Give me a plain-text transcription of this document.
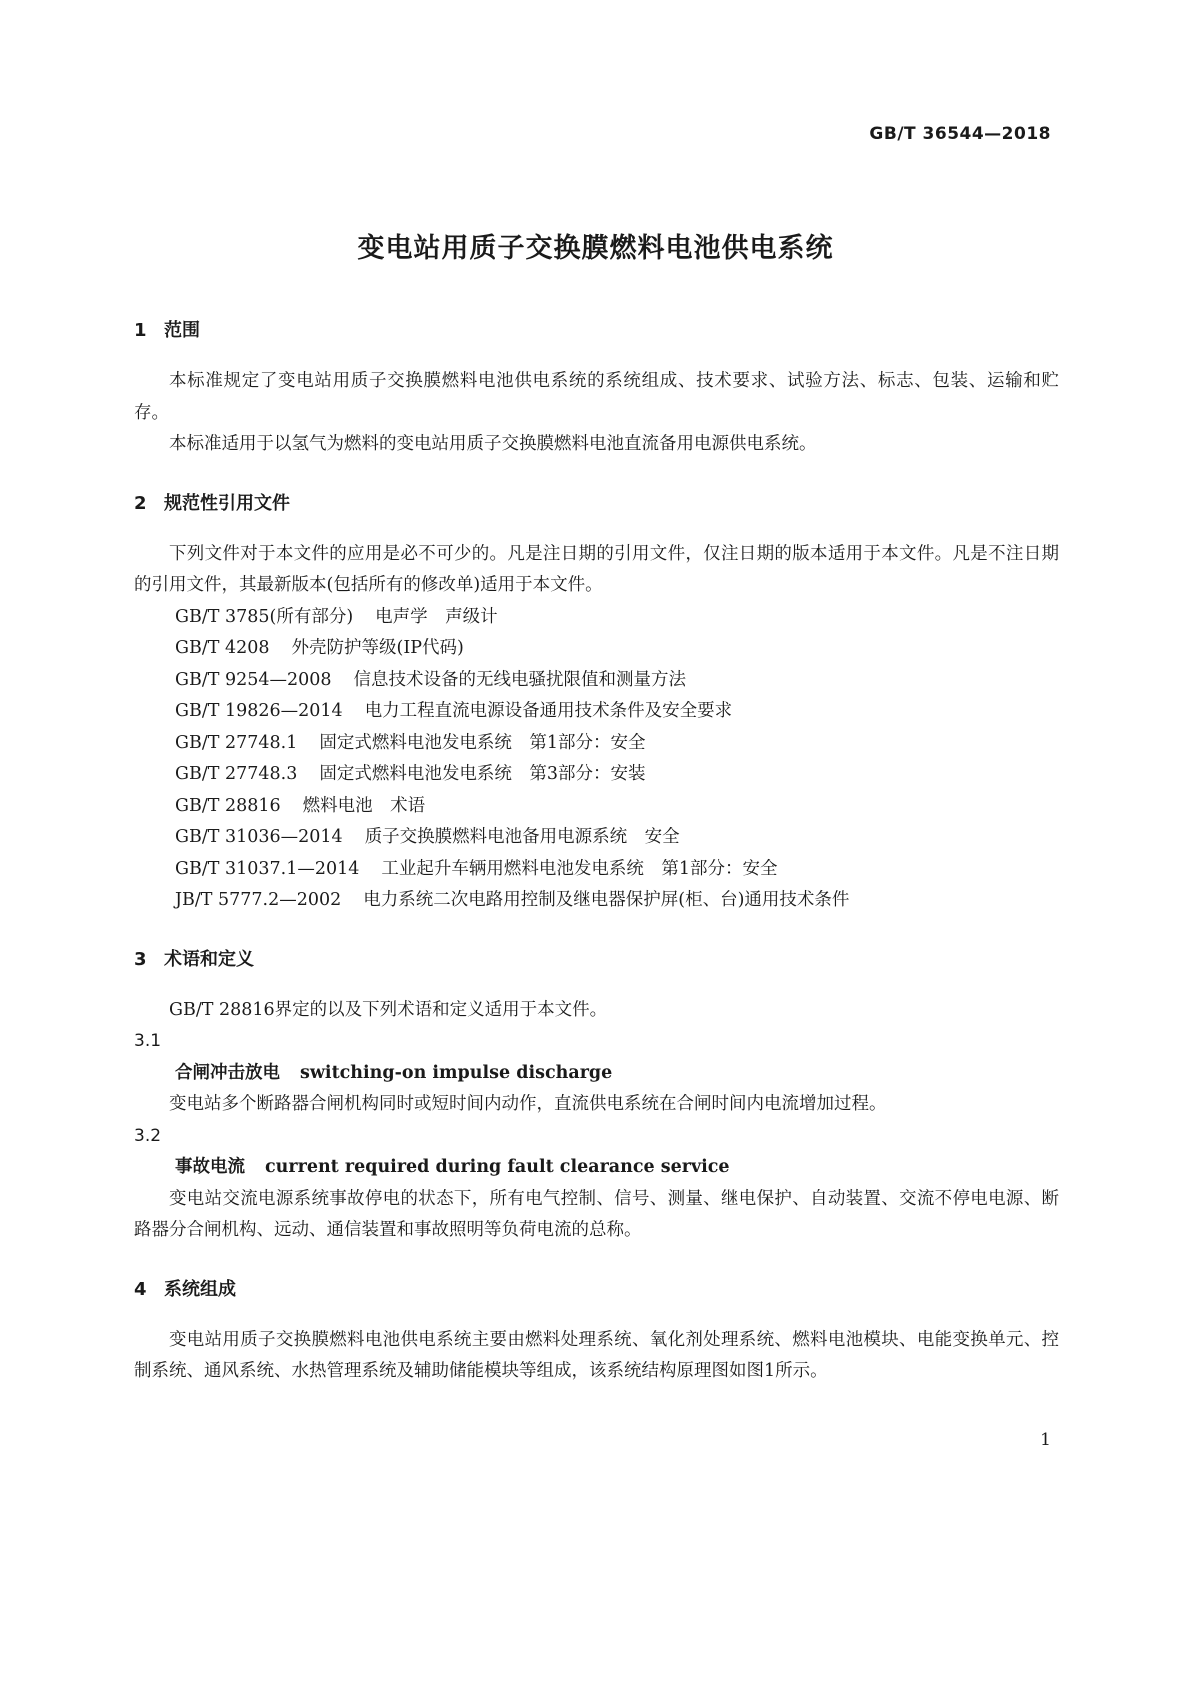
GB/T 36544—2018
变电站用质子交换膜燃料电池供电系统

1 范围

本标准规定了变电站用质子交换膜燃料电池供电系统的系统组成、技术要求、试验方法、标志、包装、运输和贮存。

本标准适用于以氢气为燃料的变电站用质子交换膜燃料电池直流备用电源供电系统。

2 规范性引用文件

下列文件对于本文件的应用是必不可少的。凡是注日期的引用文件，仅注日期的版本适用于本文件。凡是不注日期的引用文件，其最新版本(包括所有的修改单)适用于本文件。

GB/T 3785(所有部分) 电声学　声级计
GB/T 4208 外壳防护等级(IP代码)
GB/T 9254—2008 信息技术设备的无线电骚扰限值和测量方法
GB/T 19826—2014 电力工程直流电源设备通用技术条件及安全要求
GB/T 27748.1 固定式燃料电池发电系统　第1部分：安全
GB/T 27748.3 固定式燃料电池发电系统　第3部分：安装
GB/T 28816 燃料电池　术语
GB/T 31036—2014 质子交换膜燃料电池备用电源系统　安全
GB/T 31037.1—2014 工业起升车辆用燃料电池发电系统　第1部分：安全
JB/T 5777.2—2002 电力系统二次电路用控制及继电器保护屏(柜、台)通用技术条件

3 术语和定义

GB/T 28816界定的以及下列术语和定义适用于本文件。

3.1

合闸冲击放电 switching-on impulse discharge

变电站多个断路器合闸机构同时或短时间内动作，直流供电系统在合闸时间内电流增加过程。

3.2

事故电流 current required during fault clearance service

变电站交流电源系统事故停电的状态下，所有电气控制、信号、测量、继电保护、自动装置、交流不停电电源、断路器分合闸机构、远动、通信装置和事故照明等负荷电流的总称。

4 系统组成

变电站用质子交换膜燃料电池供电系统主要由燃料处理系统、氧化剂处理系统、燃料电池模块、电能变换单元、控制系统、通风系统、水热管理系统及辅助储能模块等组成，该系统结构原理图如图1所示。

1
